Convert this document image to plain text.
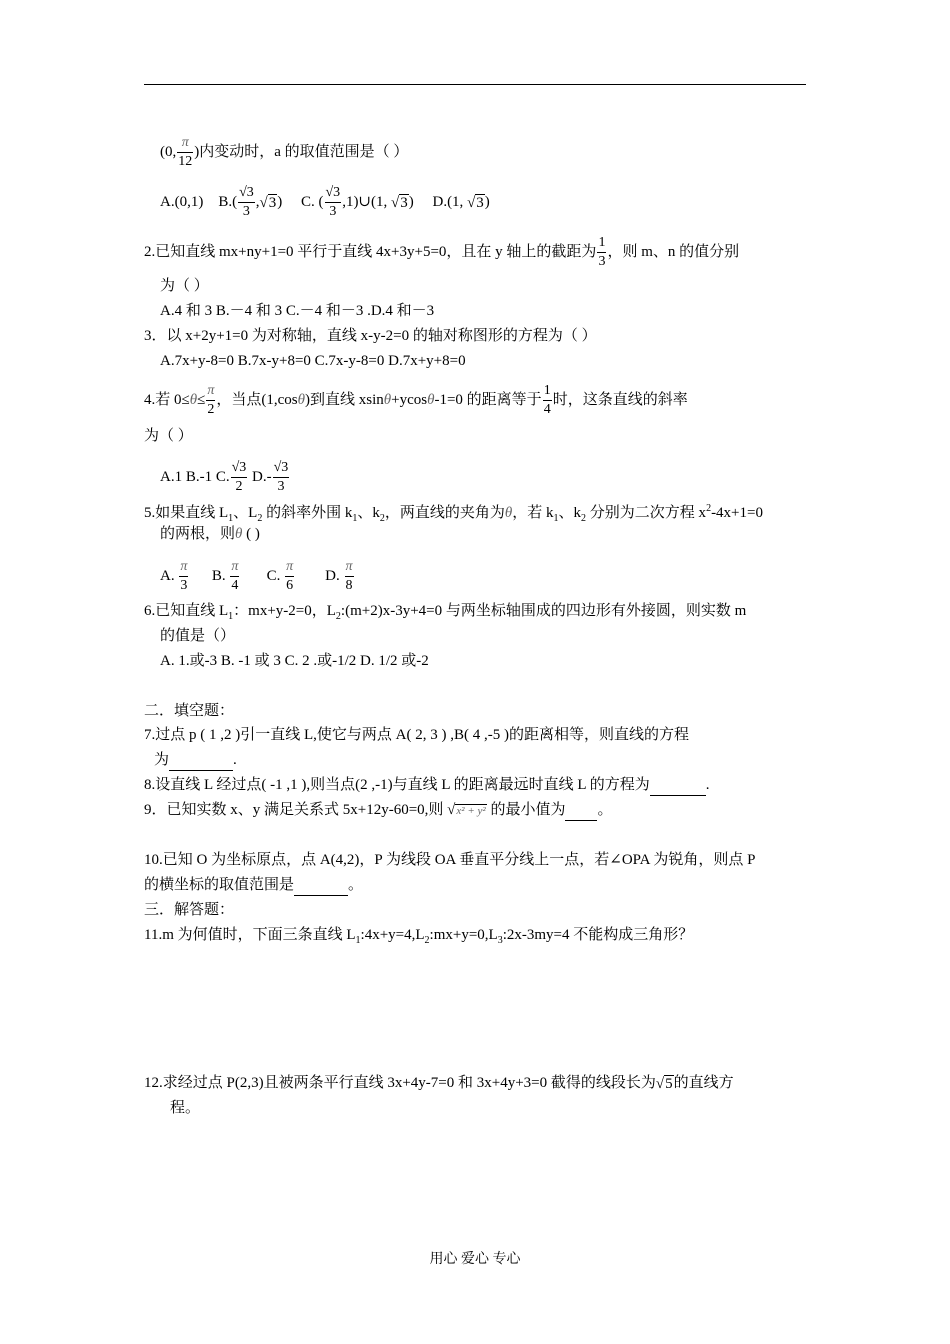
(0, $\frac{\pi}{12}$ )内变动时，a 的取值范围是（ ）
A.(0,1) $B.( \frac{√3}{3} ,√3)$ C. ( $\frac{√3}{3}$ ,1)∪(1, √3) D.(1, √3)
2.已知直线 mx+ny+1=0 平行于直线 4x+3y+5=0，且在 y 轴上的截距为 $\frac{1}{3}$ ，则 m、n 的值分别
为（ ）
A.4 和 3 B.－4 和 3 C.－4 和－3 .D.4 和－3
3．以 x+2y+1=0 为对称轴，直线 x-y-2=0 的轴对称图形的方程为（ ）
A.7x+y-8=0 B.7x-y+8=0 C.7x-y-8=0 D.7x+y+8=0
4.若 $0\le\theta\le \frac{\pi}{2}$ ，当点(1,cosθ)到直线 xsinθ+ycosθ-1=0 的距离等于 $\frac{1}{4}$ 时，这条直线的斜率
为（ ）
A.1 B.-1 C. $\frac{√3}{2} D.- \frac{√3}{3}$
5.如果直线 $L_1$、$L_2$ 的斜率外围 $k_1$、$k_2$，两直线的夹角为θ，若 $k_1$、$k_2$ 分别为二次方程 $x^2-4x+1=0$
的两根，则θ ( )
A. $\frac{\pi}{3} B$. $\frac{\pi}{4} C$. $\frac{\pi}{6} D$. $\frac{\pi}{8}$
6.已知直线 $L_1$：mx+y-2=0，$L_2:(m+2)x-3y+4=0$ 与两坐标轴围成的四边形有外接圆，则实数 m
的值是（）
A. 1.或-3 B. -1 或 3 C. 2 .或-1/2 D. 1/2 或-2
二．填空题：
7.过点 p ( 1 ,2 )引一直线 L,使它与两点 A( 2, 3 ) ,B( 4 ,-5 )的距离相等，则直线的方程
为	.
8.设直线 L 经过点( -1 ,1 ),则当点(2 ,-1)与直线 L 的距离最远时直线 L 的方程为	.
9．已知实数 x、y 满足关系式 5x+12y-60=0,则 √x² + y² 的最小值为 。
10.已知 O 为坐标原点，点 A(4,2)，P 为线段 OA 垂直平分线上一点，若∠OPA 为锐角，则点 P
的横坐标的取值范围是	。
三．解答题：
11.m 为何值时，下面三条直线 $L_1:4x+y=4,L_2:mx+y=0,L_3:2x-3my=4$ 不能构成三角形？
12.求经过点 P(2,3)且被两条平行直线 3x+4y-7=0 和 3x+4y+3=0 截得的线段长为√5的直线方
程。
用心 爱心 专心
